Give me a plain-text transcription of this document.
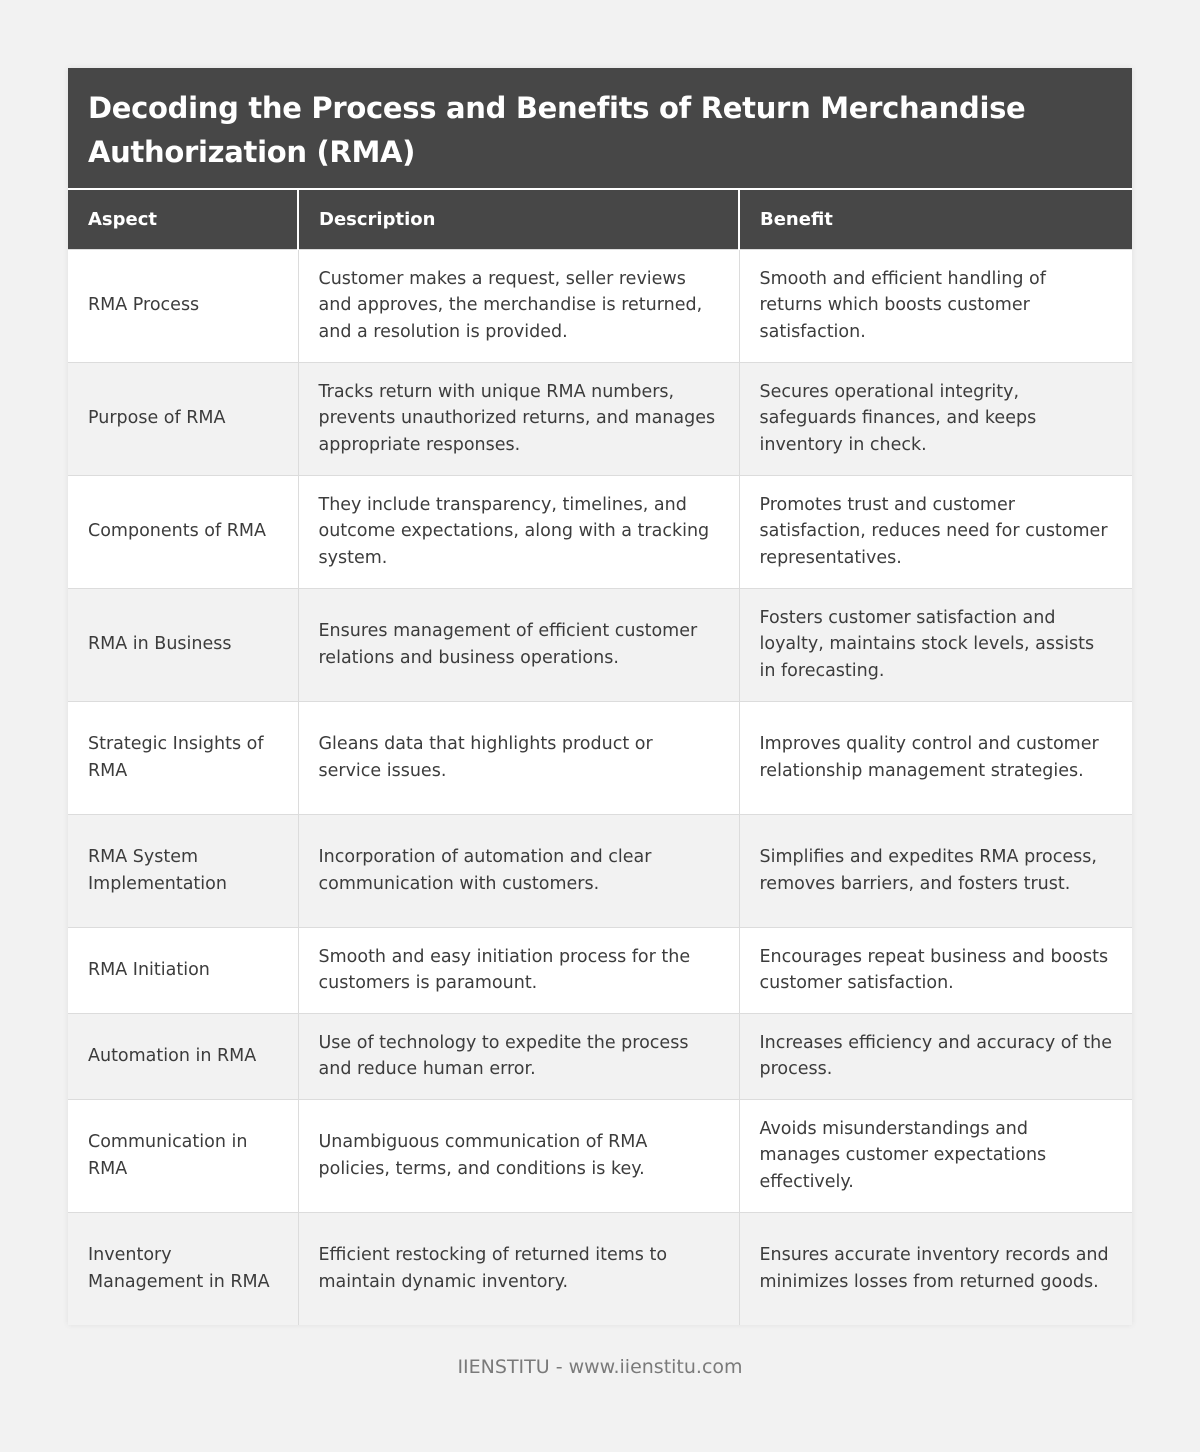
Decoding the Process and Benefits of Return Merchandise Authorization (RMA)
Aspect	Description	Benefit
RMA Process	Customer makes a request, seller reviews and approves, the merchandise is returned, and a resolution is provided.	Smooth and efficient handling of returns which boosts customer satisfaction.
Purpose of RMA	Tracks return with unique RMA numbers, prevents unauthorized returns, and manages appropriate responses.	Secures operational integrity, safeguards finances, and keeps inventory in check.
Components of RMA	They include transparency, timelines, and outcome expectations, along with a tracking system.	Promotes trust and customer satisfaction, reduces need for customer representatives.
RMA in Business	Ensures management of efficient customer relations and business operations.	Fosters customer satisfaction and loyalty, maintains stock levels, assists in forecasting.
Strategic Insights of RMA	Gleans data that highlights product or service issues.	Improves quality control and customer relationship management strategies.
RMA System Implementation	Incorporation of automation and clear communication with customers.	Simplifies and expedites RMA process, removes barriers, and fosters trust.
RMA Initiation	Smooth and easy initiation process for the customers is paramount.	Encourages repeat business and boosts customer satisfaction.
Automation in RMA	Use of technology to expedite the process and reduce human error.	Increases efficiency and accuracy of the process.
Communication in RMA	Unambiguous communication of RMA policies, terms, and conditions is key.	Avoids misunderstandings and manages customer expectations effectively.
Inventory Management in RMA	Efficient restocking of returned items to maintain dynamic inventory.	Ensures accurate inventory records and minimizes losses from returned goods.
IIENSTITU - www.iienstitu.com
